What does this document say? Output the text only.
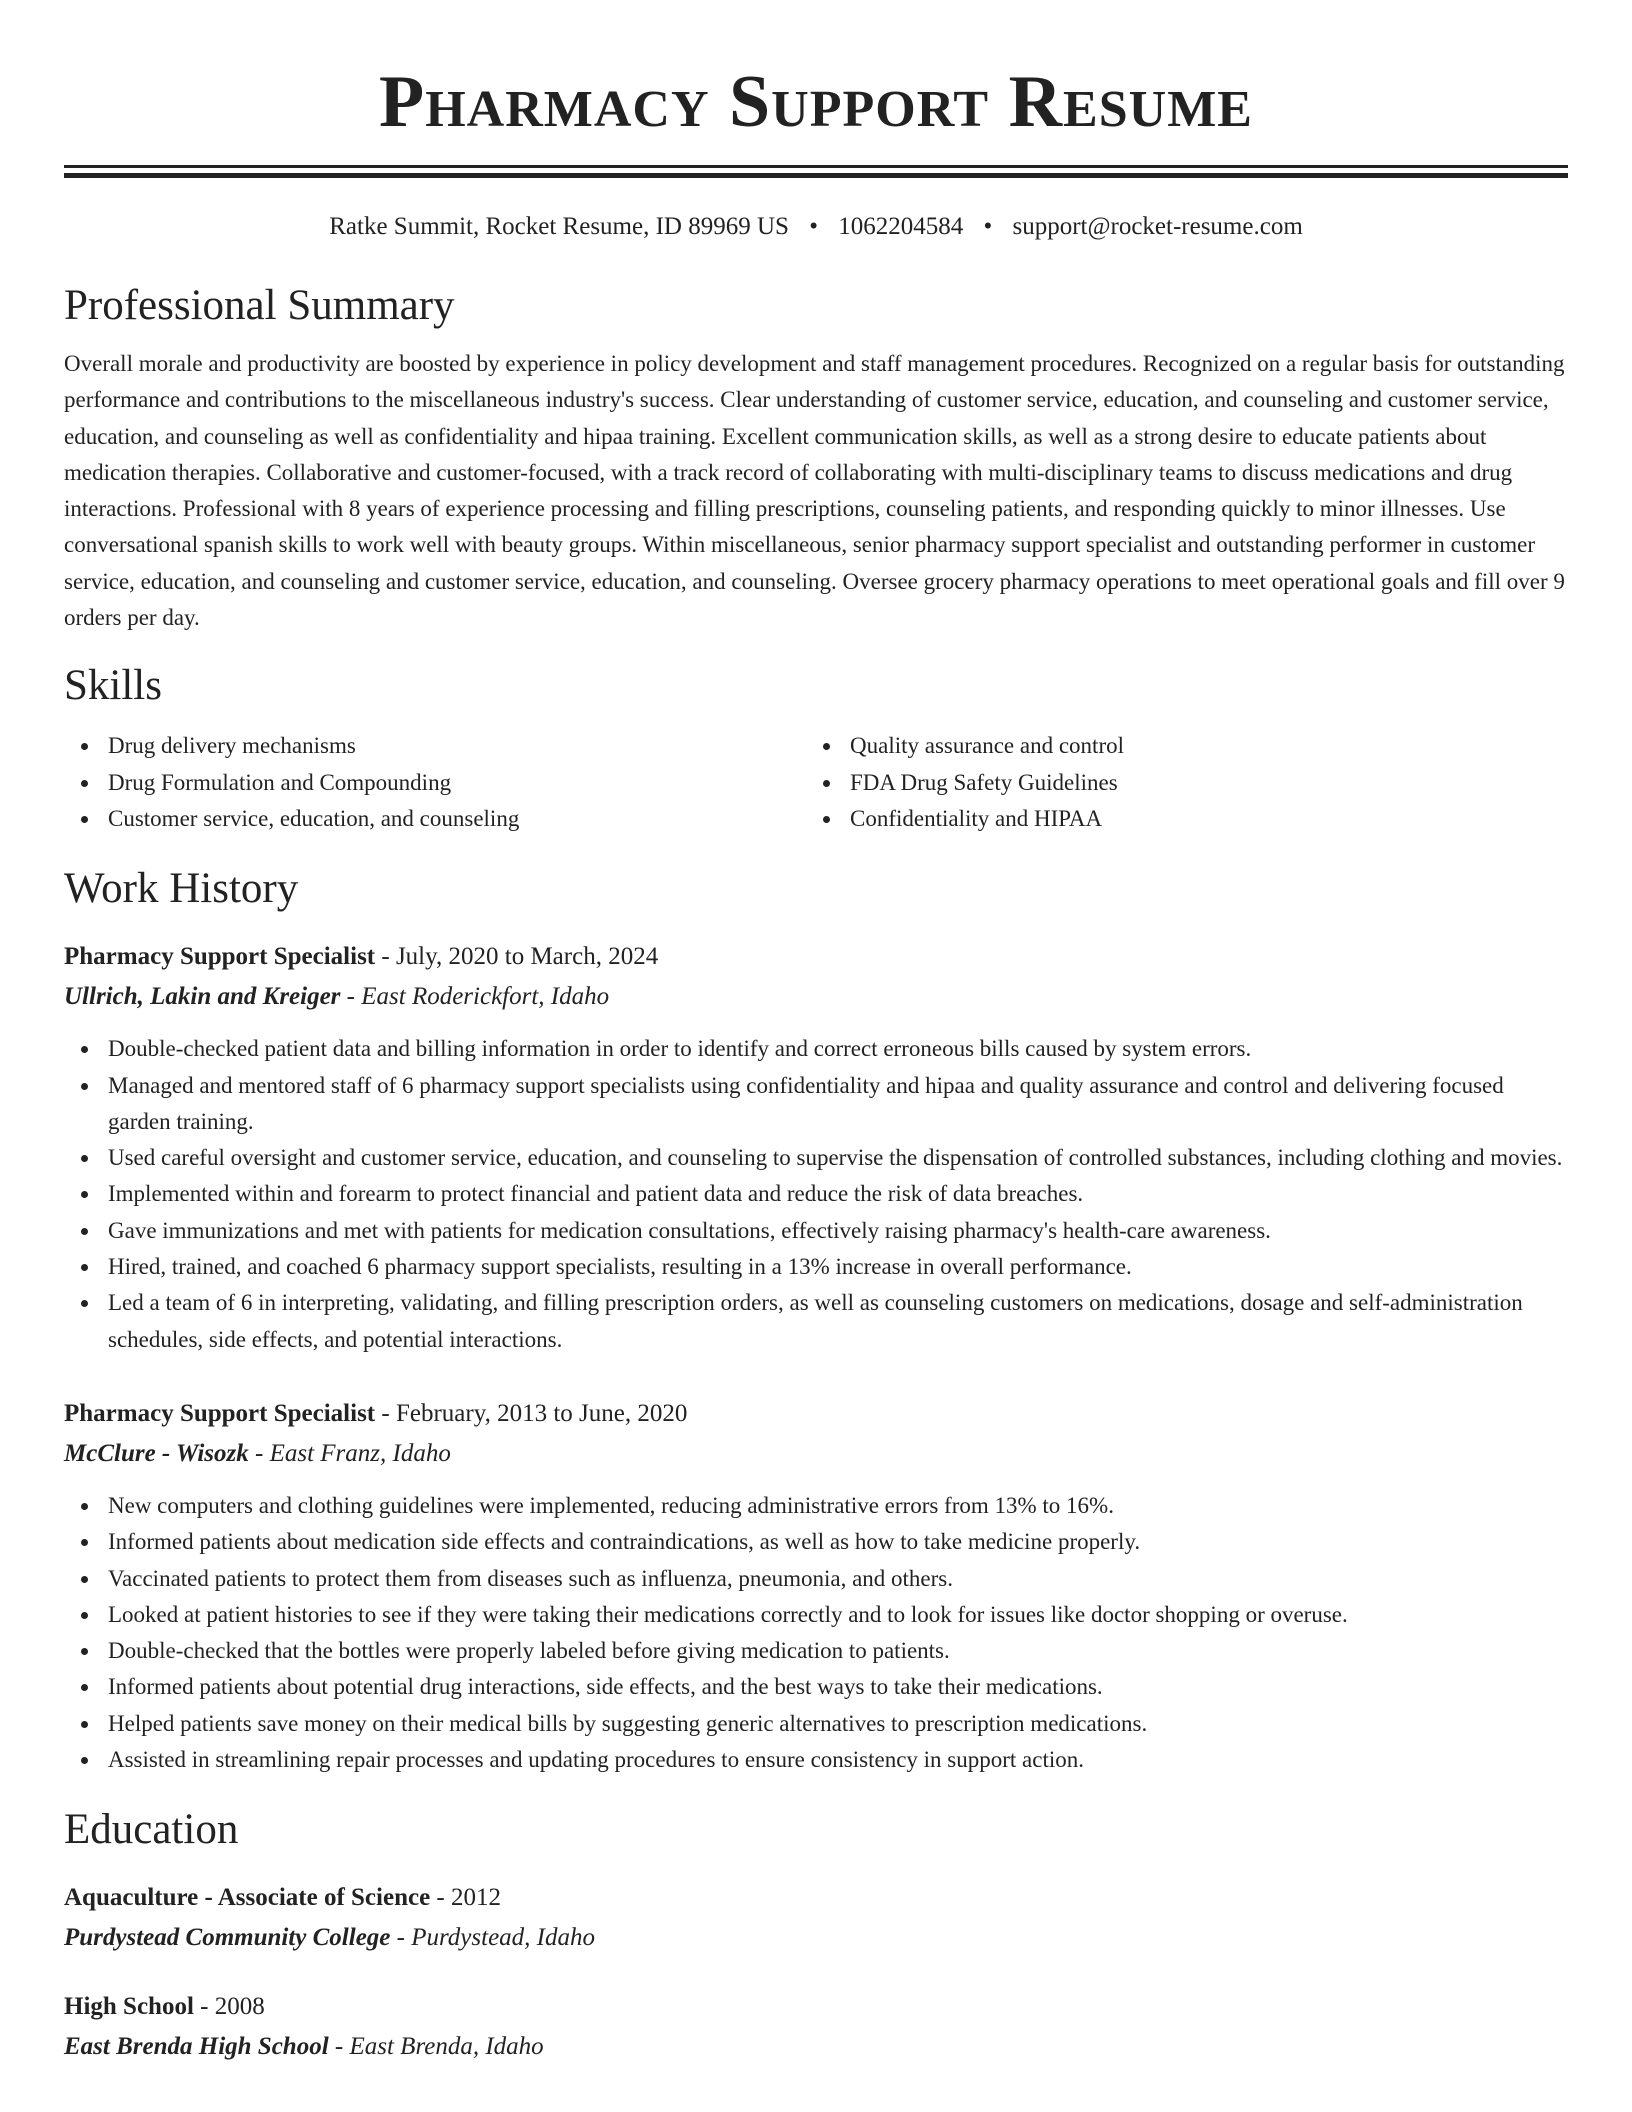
Pharmacy Support Resume
Ratke Summit, Rocket Resume, ID 89969 US • 1062204584 • support@rocket-resume.com
Professional Summary

Overall morale and productivity are boosted by experience in policy development and staff management procedures. Recognized on a regular basis for outstanding performance and contributions to the miscellaneous industry's success. Clear understanding of customer service, education, and counseling and customer service, education, and counseling as well as confidentiality and hipaa training. Excellent communication skills, as well as a strong desire to educate patients about medication therapies. Collaborative and customer-focused, with a track record of collaborating with multi-disciplinary teams to discuss medications and drug interactions. Professional with 8 years of experience processing and filling prescriptions, counseling patients, and responding quickly to minor illnesses. Use conversational spanish skills to work well with beauty groups. Within miscellaneous, senior pharmacy support specialist and outstanding performer in customer service, education, and counseling and customer service, education, and counseling. Oversee grocery pharmacy operations to meet operational goals and fill over 9 orders per day.

Skills
Drug delivery mechanisms
Drug Formulation and Compounding
Customer service, education, and counseling
Quality assurance and control
FDA Drug Safety Guidelines
Confidentiality and HIPAA
Work History
Pharmacy Support Specialist - July, 2020 to March, 2024
Ullrich, Lakin and Kreiger - East Roderickfort, Idaho
Double-checked patient data and billing information in order to identify and correct erroneous bills caused by system errors.
Managed and mentored staff of 6 pharmacy support specialists using confidentiality and hipaa and quality assurance and control and delivering focused garden training.
Used careful oversight and customer service, education, and counseling to supervise the dispensation of controlled substances, including clothing and movies.
Implemented within and forearm to protect financial and patient data and reduce the risk of data breaches.
Gave immunizations and met with patients for medication consultations, effectively raising pharmacy's health-care awareness.
Hired, trained, and coached 6 pharmacy support specialists, resulting in a 13% increase in overall performance.
Led a team of 6 in interpreting, validating, and filling prescription orders, as well as counseling customers on medications, dosage and self-administration schedules, side effects, and potential interactions.
Pharmacy Support Specialist - February, 2013 to June, 2020
McClure - Wisozk - East Franz, Idaho
New computers and clothing guidelines were implemented, reducing administrative errors from 13% to 16%.
Informed patients about medication side effects and contraindications, as well as how to take medicine properly.
Vaccinated patients to protect them from diseases such as influenza, pneumonia, and others.
Looked at patient histories to see if they were taking their medications correctly and to look for issues like doctor shopping or overuse.
Double-checked that the bottles were properly labeled before giving medication to patients.
Informed patients about potential drug interactions, side effects, and the best ways to take their medications.
Helped patients save money on their medical bills by suggesting generic alternatives to prescription medications.
Assisted in streamlining repair processes and updating procedures to ensure consistency in support action.
Education
Aquaculture - Associate of Science - 2012
Purdystead Community College - Purdystead, Idaho
High School - 2008
East Brenda High School - East Brenda, Idaho
